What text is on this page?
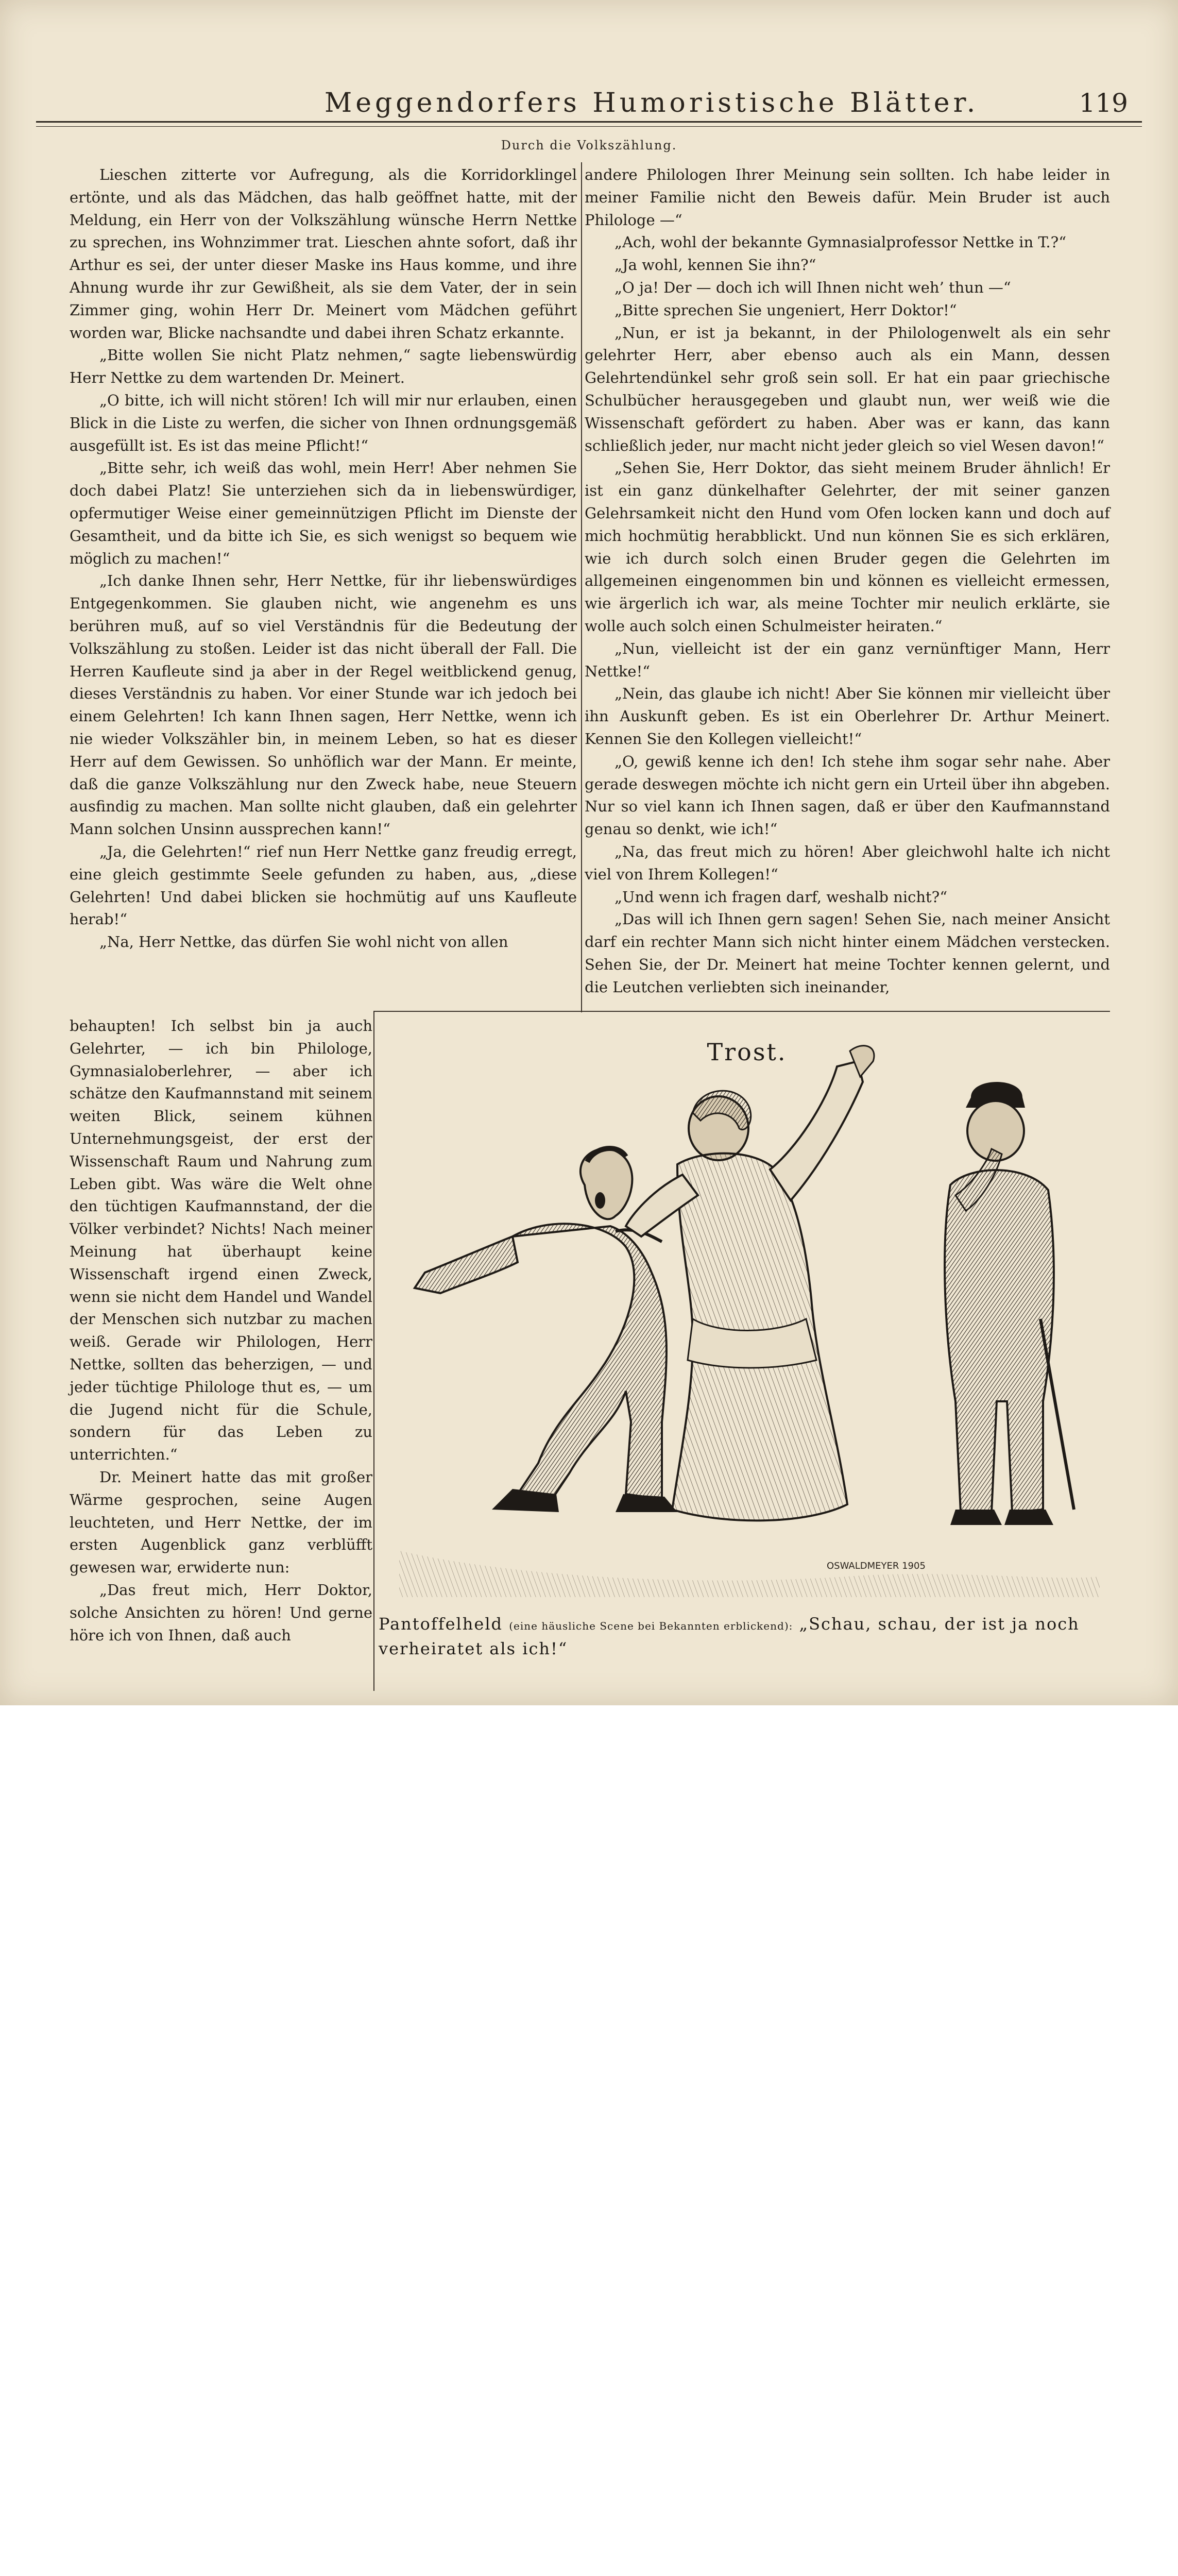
Meggendorfers Humoristische Blätter.	119
Durch die Volkszählung.

Lieschen zitterte vor Aufregung, als die Korridorklingel ertönte, und als das Mädchen, das halb geöffnet hatte, mit der Meldung, ein Herr von der Volkszählung wünsche Herrn Nettke zu sprechen, ins Wohnzimmer trat. Lieschen ahnte sofort, daß ihr Arthur es sei, der unter dieser Maske ins Haus komme, und ihre Ahnung wurde ihr zur Gewißheit, als sie dem Vater, der in sein Zimmer ging, wohin Herr Dr. Meinert vom Mädchen geführt worden war, Blicke nachsandte und dabei ihren Schatz erkannte.

„Bitte wollen Sie nicht Platz nehmen,“ sagte liebenswürdig Herr Nettke zu dem wartenden Dr. Meinert.

„O bitte, ich will nicht stören! Ich will mir nur erlauben, einen Blick in die Liste zu werfen, die sicher von Ihnen ordnungsgemäß ausgefüllt ist. Es ist das meine Pflicht!“

„Bitte sehr, ich weiß das wohl, mein Herr! Aber nehmen Sie doch dabei Platz! Sie unterziehen sich da in liebenswürdiger, opfermutiger Weise einer gemeinnützigen Pflicht im Dienste der Gesamtheit, und da bitte ich Sie, es sich wenigst so bequem wie möglich zu machen!“

„Ich danke Ihnen sehr, Herr Nettke, für ihr liebenswürdiges Entgegenkommen. Sie glauben nicht, wie angenehm es uns berühren muß, auf so viel Verständnis für die Bedeutung der Volkszählung zu stoßen. Leider ist das nicht überall der Fall. Die Herren Kaufleute sind ja aber in der Regel weitblickend genug, dieses Verständnis zu haben. Vor einer Stunde war ich jedoch bei einem Gelehrten! Ich kann Ihnen sagen, Herr Nettke, wenn ich nie wieder Volkszähler bin, in meinem Leben, so hat es dieser Herr auf dem Gewissen. So unhöflich war der Mann. Er meinte, daß die ganze Volkszählung nur den Zweck habe, neue Steuern ausfindig zu machen. Man sollte nicht glauben, daß ein gelehrter Mann solchen Unsinn aussprechen kann!“

„Ja, die Gelehrten!“ rief nun Herr Nettke ganz freudig erregt, eine gleich gestimmte Seele gefunden zu haben, aus, „diese Gelehrten! Und dabei blicken sie hochmütig auf uns Kaufleute herab!“

„Na, Herr Nettke, das dürfen Sie wohl nicht von allen

andere Philologen Ihrer Meinung sein sollten. Ich habe leider in meiner Familie nicht den Beweis dafür. Mein Bruder ist auch Philologe —“

„Ach, wohl der bekannte Gymnasialprofessor Nettke in T.?“

„Ja wohl, kennen Sie ihn?“

„O ja! Der — doch ich will Ihnen nicht weh’ thun —“

„Bitte sprechen Sie ungeniert, Herr Doktor!“

„Nun, er ist ja bekannt, in der Philologenwelt als ein sehr gelehrter Herr, aber ebenso auch als ein Mann, dessen Gelehrtendünkel sehr groß sein soll. Er hat ein paar griechische Schulbücher herausgegeben und glaubt nun, wer weiß wie die Wissenschaft gefördert zu haben. Aber was er kann, das kann schließlich jeder, nur macht nicht jeder gleich so viel Wesen davon!“

„Sehen Sie, Herr Doktor, das sieht meinem Bruder ähnlich! Er ist ein ganz dünkelhafter Gelehrter, der mit seiner ganzen Gelehrsamkeit nicht den Hund vom Ofen locken kann und doch auf mich hochmütig herabblickt. Und nun können Sie es sich erklären, wie ich durch solch einen Bruder gegen die Gelehrten im allgemeinen eingenommen bin und können es vielleicht ermessen, wie ärgerlich ich war, als meine Tochter mir neulich erklärte, sie wolle auch solch einen Schulmeister heiraten.“

„Nun, vielleicht ist der ein ganz vernünftiger Mann, Herr Nettke!“

„Nein, das glaube ich nicht! Aber Sie können mir vielleicht über ihn Auskunft geben. Es ist ein Oberlehrer Dr. Arthur Meinert. Kennen Sie den Kollegen vielleicht!“

„O, gewiß kenne ich den! Ich stehe ihm sogar sehr nahe. Aber gerade deswegen möchte ich nicht gern ein Urteil über ihn abgeben. Nur so viel kann ich Ihnen sagen, daß er über den Kaufmannstand genau so denkt, wie ich!“

„Na, das freut mich zu hören! Aber gleichwohl halte ich nicht viel von Ihrem Kollegen!“

„Und wenn ich fragen darf, weshalb nicht?“

„Das will ich Ihnen gern sagen! Sehen Sie, nach meiner Ansicht darf ein rechter Mann sich nicht hinter einem Mädchen verstecken. Sehen Sie, der Dr. Meinert hat meine Tochter kennen gelernt, und die Leutchen verliebten sich ineinander,

behaupten! Ich selbst bin ja auch Gelehrter, — ich bin Philologe, Gymnasialoberlehrer, — aber ich schätze den Kaufmannstand mit seinem weiten Blick, seinem kühnen Unternehmungsgeist, der erst der Wissenschaft Raum und Nahrung zum Leben gibt. Was wäre die Welt ohne den tüchtigen Kaufmannstand, der die Völker verbindet? Nichts! Nach meiner Meinung hat überhaupt keine Wissenschaft irgend einen Zweck, wenn sie nicht dem Handel und Wandel der Menschen sich nutzbar zu machen weiß. Gerade wir Philologen, Herr Nettke, sollten das beherzigen, — und jeder tüchtige Philologe thut es, — um die Jugend nicht für die Schule, sondern für das Leben zu unterrichten.“

Dr. Meinert hatte das mit großer Wärme gesprochen, seine Augen leuchteten, und Herr Nettke, der im ersten Augenblick ganz verblüfft gewesen war, erwiderte nun:

„Das freut mich, Herr Doktor, solche Ansichten zu hören! Und gerne höre ich von Ihnen, daß auch

Trost.
OSWALDMEYER 1905
Pantoffelheld (eine häusliche Scene bei Bekannten erblickend): „Schau, schau, der ist ja noch verheiratet als ich!“
